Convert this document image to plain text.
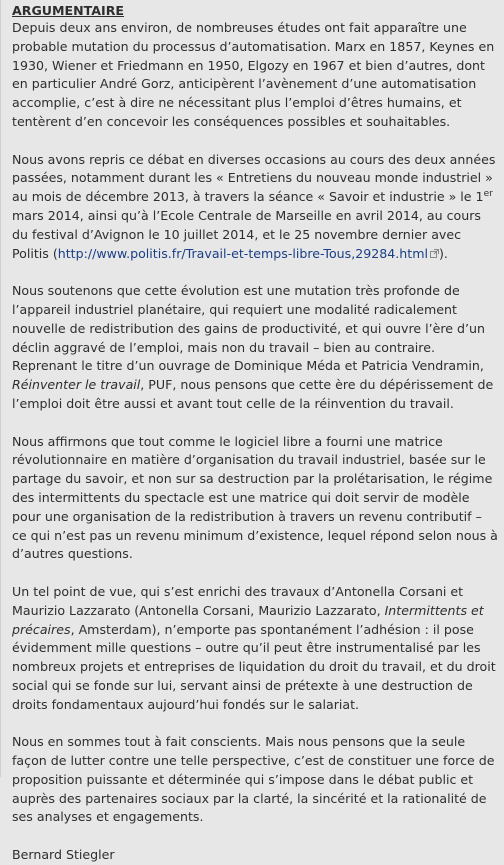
ARGUMENTAIRE

Depuis deux ans environ, de nombreuses études ont fait apparaître une probable mutation du processus d’automatisation. Marx en 1857, Keynes en 1930, Wiener et Friedmann en 1950, Elgozy en 1967 et bien d’autres, dont en particulier André Gorz, anticipèrent l’avènement d’une automatisation accomplie, c’est à dire ne nécessitant plus l’emploi d’êtres humains, et tentèrent d’en concevoir les conséquences possibles et souhaitables.

Nous avons repris ce débat en diverses occasions au cours des deux années passées, notamment durant les « Entretiens du nouveau monde industriel » au mois de décembre 2013, à travers la séance « Savoir et industrie » le 1er mars 2014, ainsi qu’à l’Ecole Centrale de Marseille en avril 2014, au cours du festival d’Avignon le 10 juillet 2014, et le 25 novembre dernier avec Politis (http://www.politis.fr/Travail-et-temps-libre-Tous,29284.html ).

Nous soutenons que cette évolution est une mutation très profonde de l’appareil industriel planétaire, qui requiert une modalité radicalement nouvelle de redistribution des gains de productivité, et qui ouvre l’ère d’un déclin aggravé de l’emploi, mais non du travail – bien au contraire. Reprenant le titre d’un ouvrage de Dominique Méda et Patricia Vendramin, Réinventer le travail, PUF, nous pensons que cette ère du dépérissement de l’emploi doit être aussi et avant tout celle de la réinvention du travail.

Nous affirmons que tout comme le logiciel libre a fourni une matrice révolutionnaire en matière d’organisation du travail industriel, basée sur le partage du savoir, et non sur sa destruction par la prolétarisation, le régime des intermittents du spectacle est une matrice qui doit servir de modèle pour une organisation de la redistribution à travers un revenu contributif – ce qui n’est pas un revenu minimum d’existence, lequel répond selon nous à d’autres questions.

Un tel point de vue, qui s’est enrichi des travaux d’Antonella Corsani et Maurizio Lazzarato (Antonella Corsani, Maurizio Lazzarato, Intermittents et précaires, Amsterdam), n’emporte pas spontanément l’adhésion : il pose évidemment mille questions – outre qu’il peut être instrumentalisé par les nombreux projets et entreprises de liquidation du droit du travail, et du droit social qui se fonde sur lui, servant ainsi de prétexte à une destruction de droits fondamentaux aujourd’hui fondés sur le salariat.

Nous en sommes tout à fait conscients. Mais nous pensons que la seule façon de lutter contre une telle perspective, c’est de constituer une force de proposition puissante et déterminée qui s’impose dans le débat public et auprès des partenaires sociaux par la clarté, la sincérité et la rationalité de ses analyses et engagements.

Bernard Stiegler
